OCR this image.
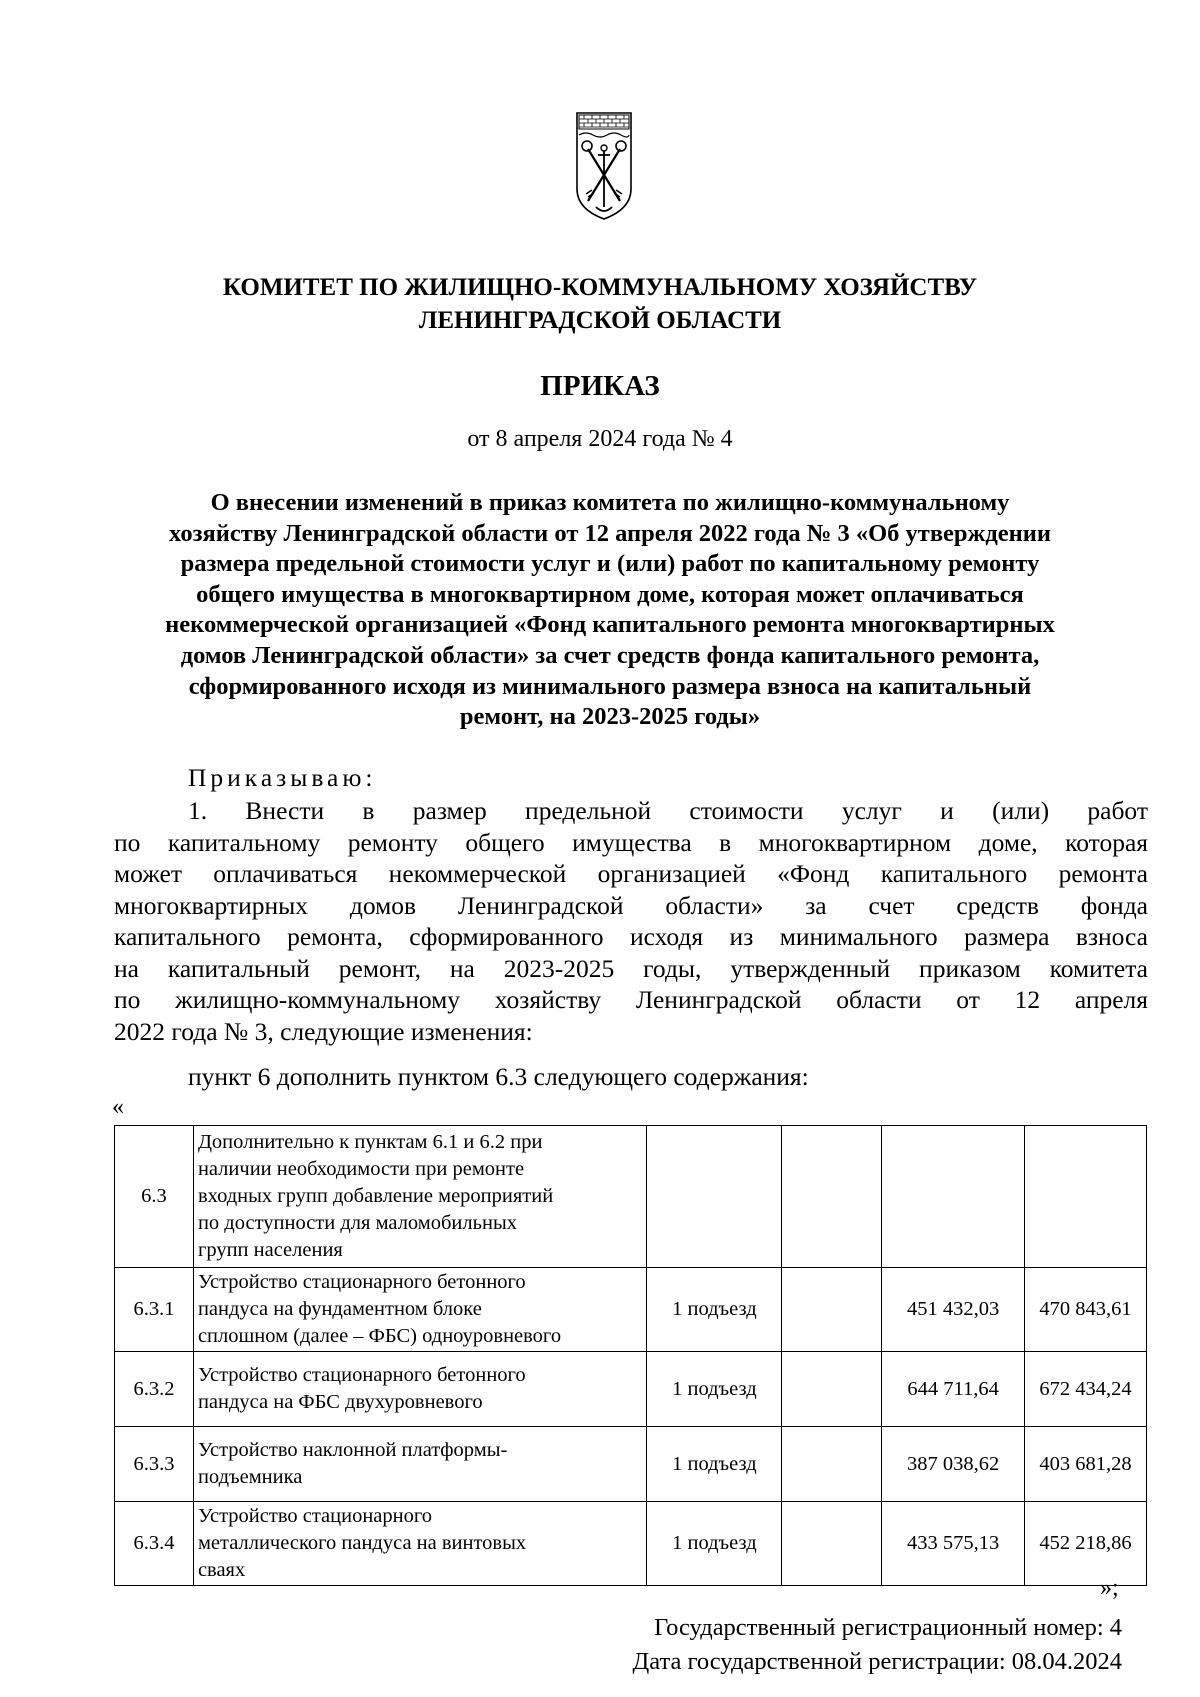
КОМИТЕТ ПО ЖИЛИЩНО-КОММУНАЛЬНОМУ ХОЗЯЙСТВУ
ЛЕНИНГРАДСКОЙ ОБЛАСТИ
ПРИКАЗ
от 8 апреля 2024 года № 4
О внесении изменений в приказ комитета по жилищно-коммунальному
хозяйству Ленинградской области от 12 апреля 2022 года № 3 «Об утверждении
размера предельной стоимости услуг и (или) работ по капитальному ремонту
общего имущества в многоквартирном доме, которая может оплачиваться
некоммерческой организацией «Фонд капитального ремонта многоквартирных
домов Ленинградской области» за счет средств фонда капитального ремонта,
сформированного исходя из минимального размера взноса на капитальный
ремонт, на 2023-2025 годы»
Приказываю:
1. Внести в размер предельной стоимости услуг и (или) работ
по капитальному ремонту общего имущества в многоквартирном доме, которая
может оплачиваться некоммерческой организацией «Фонд капитального ремонта
многоквартирных домов Ленинградской области» за счет средств фонда
капитального ремонта, сформированного исходя из минимального размера взноса
на капитальный ремонт, на 2023-2025 годы, утвержденный приказом комитета
по жилищно-коммунальному хозяйству Ленинградской области от 12 апреля
2022 года № 3, следующие изменения:
пункт 6 дополнить пунктом 6.3 следующего содержания:
«
6.3	Дополнительно к пунктам 6.1 и 6.2 при
наличии необходимости при ремонте
входных групп добавление мероприятий
по доступности для маломобильных
групп населения				

6.3.1	Устройство стационарного бетонного
пандуса на фундаментном блоке
сплошном (далее – ФБС) одноуровневого	1 подъезд		451 432,03	470 843,61
6.3.2	Устройство стационарного бетонного
пандуса на ФБС двухуровневого	1 подъезд		644 711,64	672 434,24
6.3.3	Устройство наклонной платформы-
подъемника	1 подъезд		387 038,62	403 681,28
6.3.4	Устройство стационарного
металлического пандуса на винтовых
сваях	1 подъезд		433 575,13	452 218,86
»;
Государственный регистрационный номер: 4
Дата государственной регистрации: 08.04.2024
